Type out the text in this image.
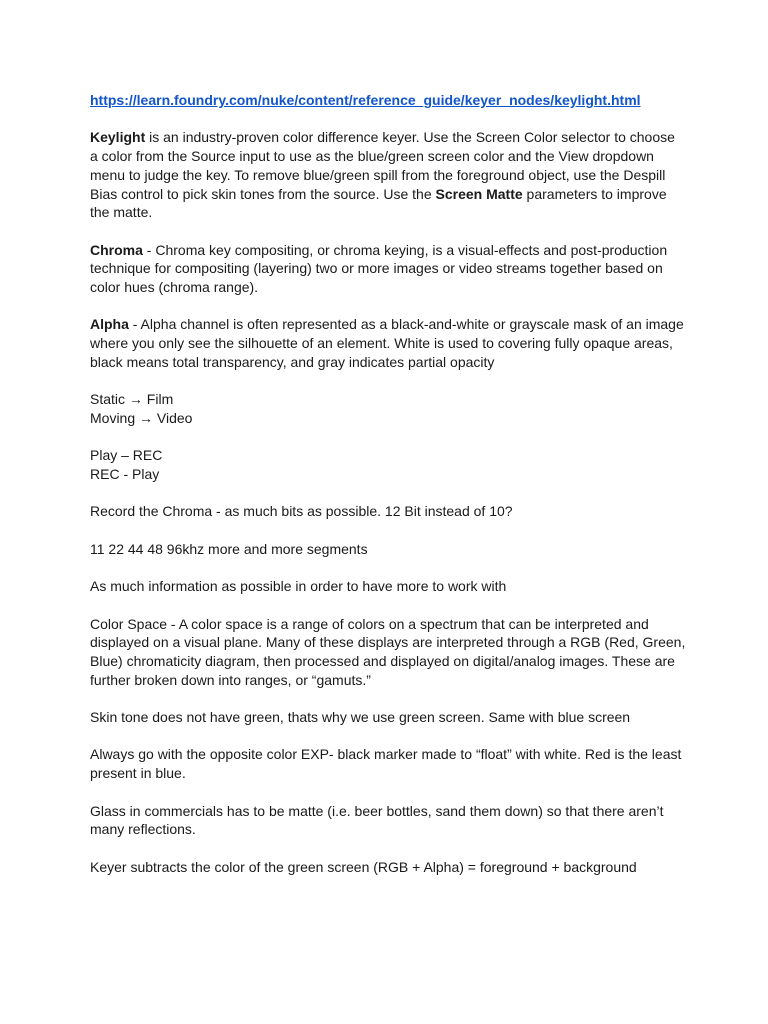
https://learn.foundry.com/nuke/content/reference_guide/keyer_nodes/keylight.html

Keylight is an industry-proven color difference keyer. Use the Screen Color selector to choose
a color from the Source input to use as the blue/green screen color and the View dropdown
menu to judge the key. To remove blue/green spill from the foreground object, use the Despill
Bias control to pick skin tones from the source. Use the Screen Matte parameters to improve
the matte.

Chroma - Chroma key compositing, or chroma keying, is a visual-effects and post-production
technique for compositing (layering) two or more images or video streams together based on
color hues (chroma range).

Alpha - Alpha channel is often represented as a black-and-white or grayscale mask of an image
where you only see the silhouette of an element. White is used to covering fully opaque areas,
black means total transparency, and gray indicates partial opacity

Static → Film
Moving → Video

Play – REC
REC - Play

Record the Chroma - as much bits as possible. 12 Bit instead of 10?

11 22 44 48 96khz more and more segments

As much information as possible in order to have more to work with

Color Space - A color space is a range of colors on a spectrum that can be interpreted and
displayed on a visual plane. Many of these displays are interpreted through a RGB (Red, Green,
Blue) chromaticity diagram, then processed and displayed on digital/analog images. These are
further broken down into ranges, or “gamuts.”

Skin tone does not have green, thats why we use green screen. Same with blue screen

Always go with the opposite color EXP- black marker made to “float” with white. Red is the least
present in blue.

Glass in commercials has to be matte (i.e. beer bottles, sand them down) so that there aren’t
many reflections.

Keyer subtracts the color of the green screen (RGB + Alpha) = foreground + background
